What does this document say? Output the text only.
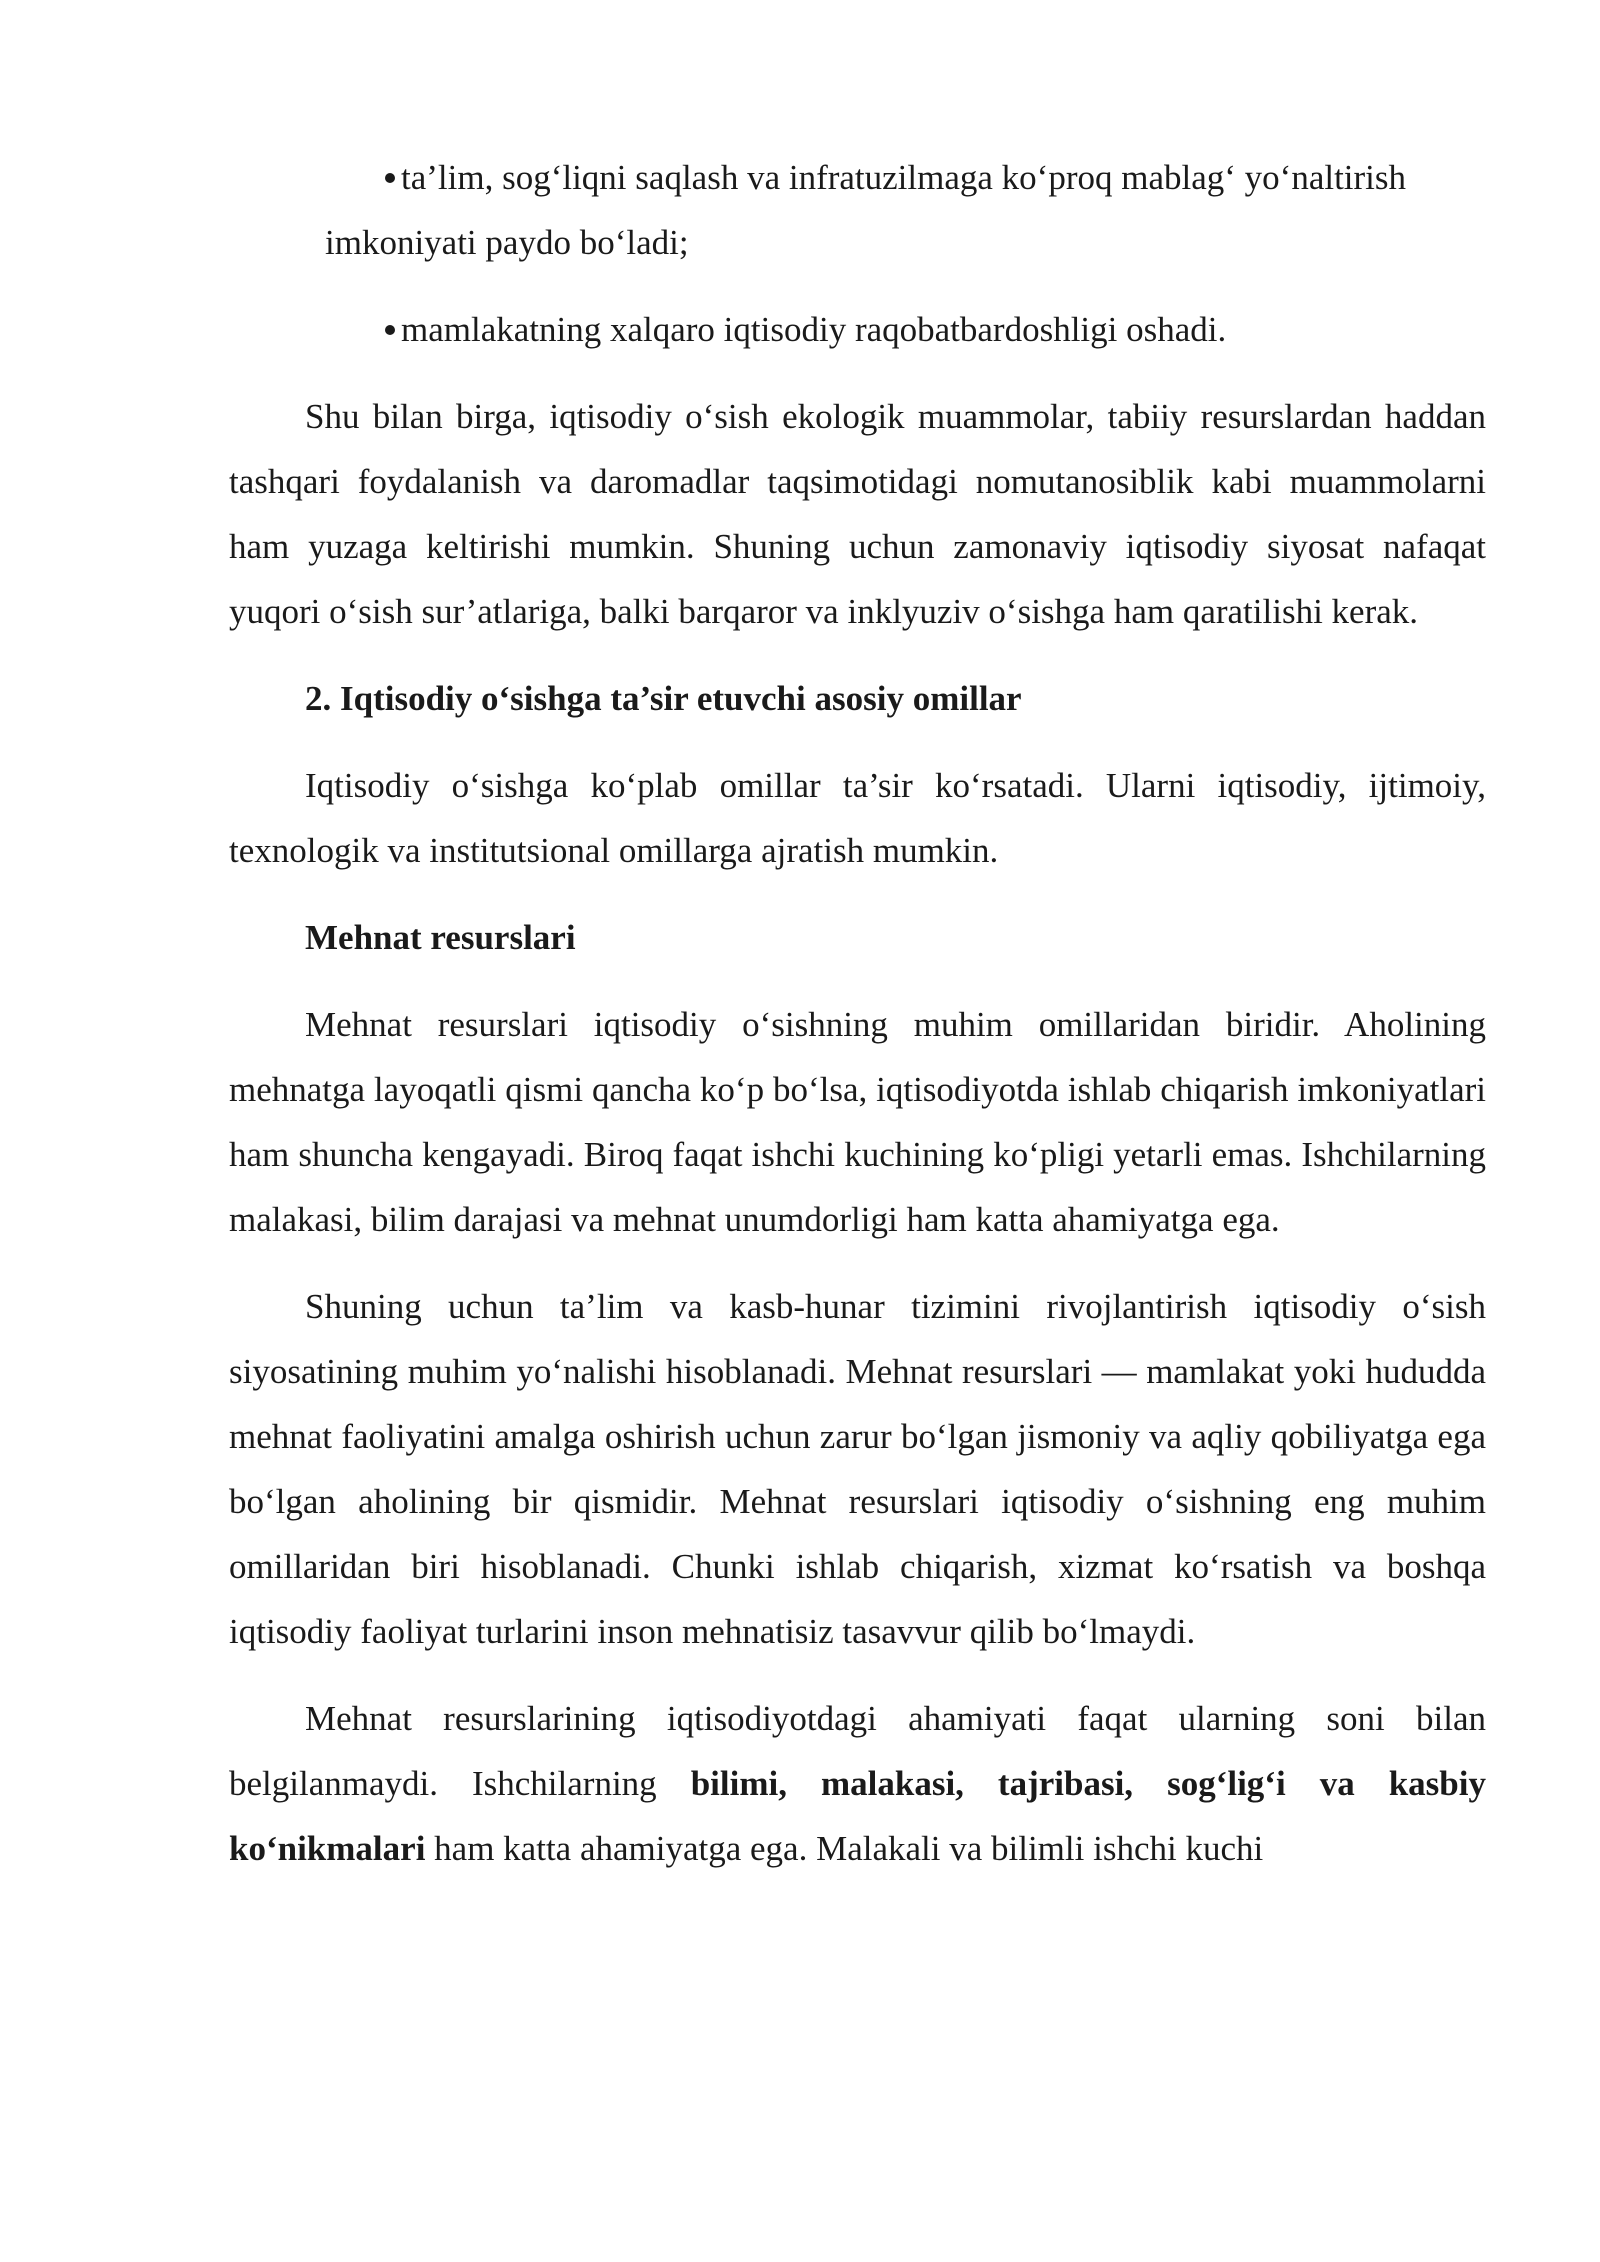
ta’lim, sog‘liqni saqlash va infratuzilmaga ko‘proq mablag‘ yo‘naltirish
imkoniyati paydo bo‘ladi;
mamlakatning xalqaro iqtisodiy raqobatbardoshligi oshadi.

Shu bilan birga, iqtisodiy o‘sish ekologik muammolar, tabiiy resurslardan haddan tashqari foydalanish va daromadlar taqsimotidagi nomutanosiblik kabi muammolarni ham yuzaga keltirishi mumkin. Shuning uchun zamonaviy iqtisodiy siyosat nafaqat yuqori o‘sish sur’atlariga, balki barqaror va inklyuziv o‘sishga ham qaratilishi kerak.

2. Iqtisodiy o‘sishga ta’sir etuvchi asosiy omillar

Iqtisodiy o‘sishga ko‘plab omillar ta’sir ko‘rsatadi. Ularni iqtisodiy, ijtimoiy, texnologik va institutsional omillarga ajratish mumkin.

Mehnat resurslari

Mehnat resurslari iqtisodiy o‘sishning muhim omillaridan biridir. Aholining mehnatga layoqatli qismi qancha ko‘p bo‘lsa, iqtisodiyotda ishlab chiqarish imkoniyatlari ham shuncha kengayadi. Biroq faqat ishchi kuchining ko‘pligi yetarli emas. Ishchilarning malakasi, bilim darajasi va mehnat unumdorligi ham katta ahamiyatga ega.

Shuning uchun ta’lim va kasb-hunar tizimini rivojlantirish iqtisodiy o‘sish siyosatining muhim yo‘nalishi hisoblanadi. Mehnat resurslari — mamlakat yoki hududda mehnat faoliyatini amalga oshirish uchun zarur bo‘lgan jismoniy va aqliy qobiliyatga ega bo‘lgan aholining bir qismidir. Mehnat resurslari iqtisodiy o‘sishning eng muhim omillaridan biri hisoblanadi. Chunki ishlab chiqarish, xizmat ko‘rsatish va boshqa iqtisodiy faoliyat turlarini inson mehnatisiz tasavvur qilib bo‘lmaydi.

Mehnat resurslarining iqtisodiyotdagi ahamiyati faqat ularning soni bilan belgilanmaydi. Ishchilarning bilimi, malakasi, tajribasi, sog‘lig‘i va kasbiy ko‘nikmalari ham katta ahamiyatga ega. Malakali va bilimli ishchi kuchi
